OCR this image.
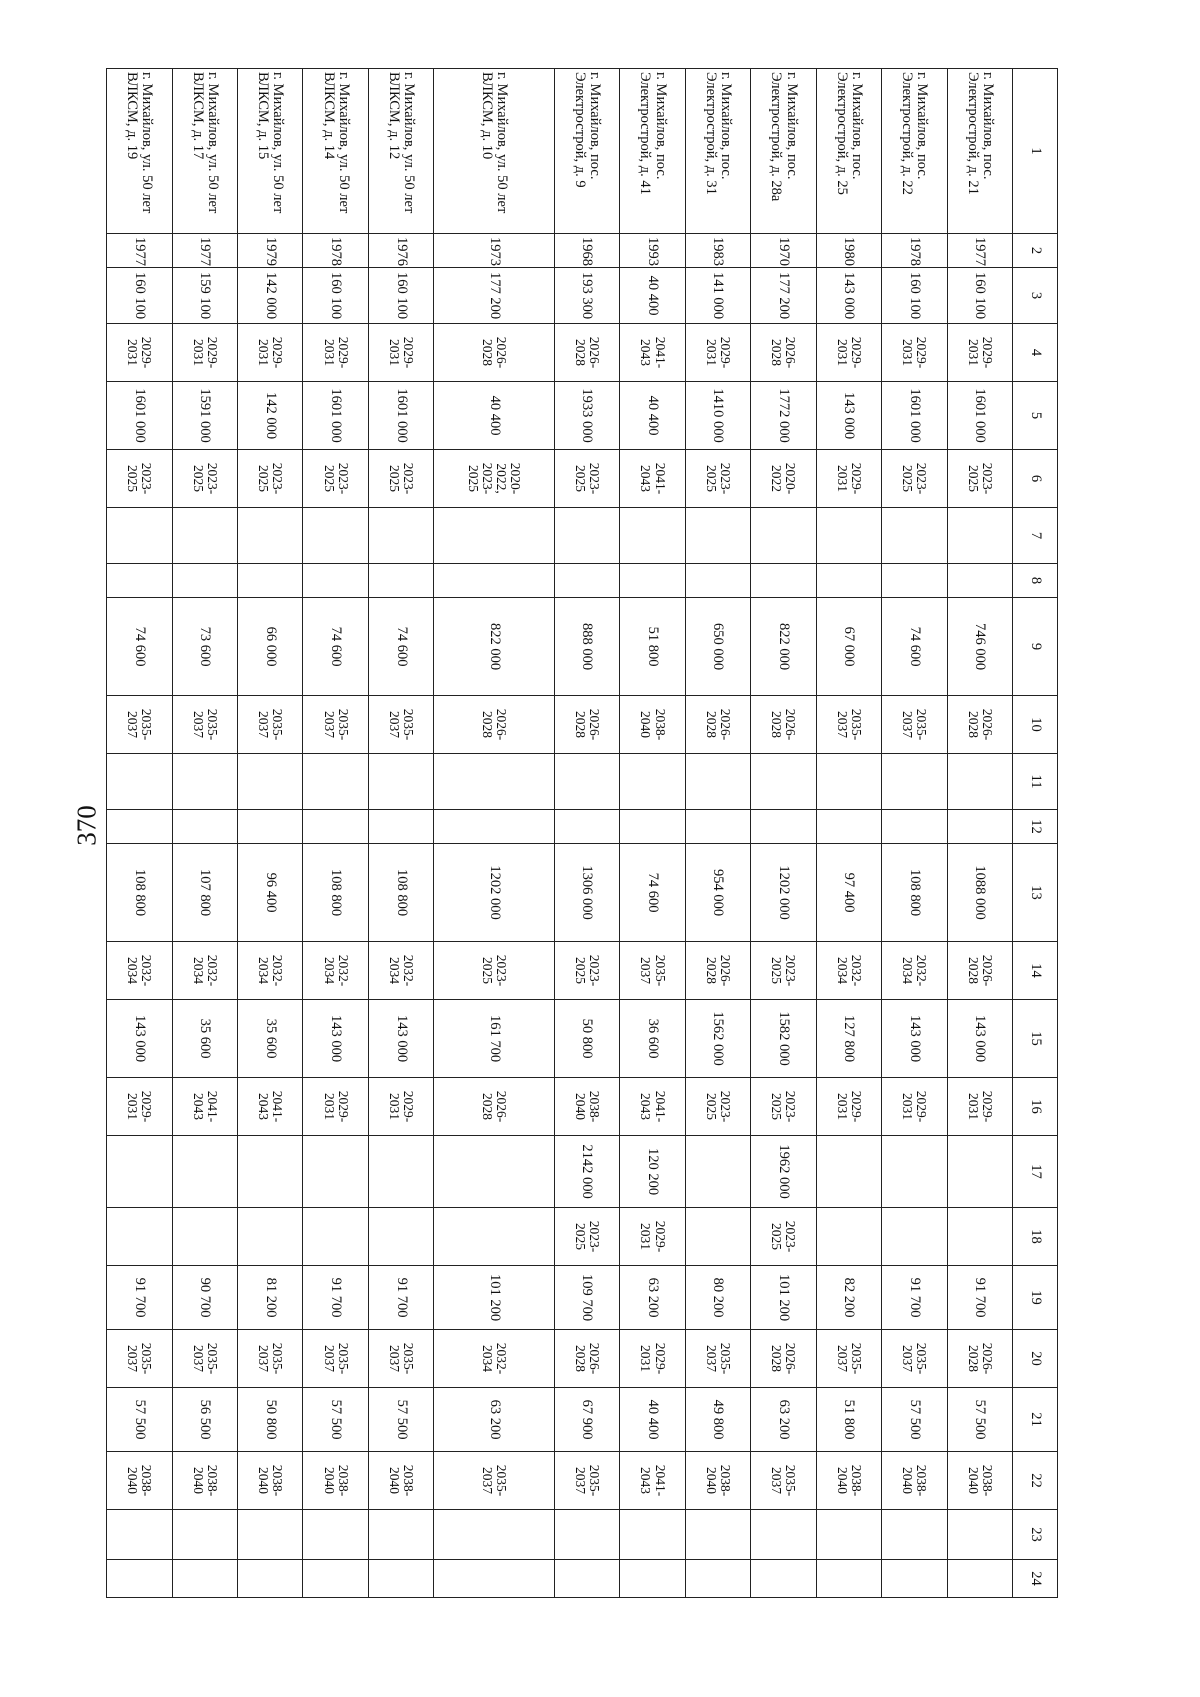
370
1	2	3	4	5	6	7	8	9	10	11	12	13	14	15	16	17	18	19	20	21	22	23	24
г. Михайлов, пос. Электрострой, д. 21	1977	160 100	2029-2031	1601 000	2023-2025			746 000	2026-2028			1088 000	2026-2028	143 000	2029-2031			91 700	2026-2028	57 500	2038-2040		
г. Михайлов, пос. Электрострой, д. 22	1978	160 100	2029-2031	1601 000	2023-2025			74 600	2035-2037			108 800	2032-2034	143 000	2029-2031			91 700	2035-2037	57 500	2038-2040		
г. Михайлов, пос. Электрострой, д. 25	1980	143 000	2029-2031	143 000	2029-2031			67 000	2035-2037			97 400	2032-2034	127 800	2029-2031			82 200	2035-2037	51 800	2038-2040		
г. Михайлов, пос. Электрострой, д. 28а	1970	177 200	2026-2028	1772 000	2020-2022			822 000	2026-2028			1202 000	2023-2025	1582 000	2023-2025	1962 000	2023-2025	101 200	2026-2028	63 200	2035-2037		
г. Михайлов, пос. Электрострой, д. 31	1983	141 000	2029-2031	1410 000	2023-2025			650 000	2026-2028			954 000	2026-2028	1562 000	2023-2025			80 200	2035-2037	49 800	2038-2040		
г. Михайлов, пос. Электрострой, д. 41	1993	40 400	2041-2043	40 400	2041-2043			51 800	2038-2040			74 600	2035-2037	36 600	2041-2043	120 200	2029-2031	63 200	2029-2031	40 400	2041-2043		
г. Михайлов, пос. Электрострой, д. 9	1968	193 300	2026-2028	1933 000	2023-2025			888 000	2026-2028			1306 000	2023-2025	50 800	2038-2040	2142 000	2023-2025	109 700	2026-2028	67 900	2035-2037		
г. Михайлов, ул. 50 лет ВЛКСМ, д. 10	1973	177 200	2026-2028	40 400	2020-2022, 2023-2025			822 000	2026-2028			1202 000	2023-2025	161 700	2026-2028			101 200	2032-2034	63 200	2035-2037		
г. Михайлов, ул. 50 лет ВЛКСМ, д. 12	1976	160 100	2029-2031	1601 000	2023-2025			74 600	2035-2037			108 800	2032-2034	143 000	2029-2031			91 700	2035-2037	57 500	2038-2040		
г. Михайлов, ул. 50 лет ВЛКСМ, д. 14	1978	160 100	2029-2031	1601 000	2023-2025			74 600	2035-2037			108 800	2032-2034	143 000	2029-2031			91 700	2035-2037	57 500	2038-2040		
г. Михайлов, ул. 50 лет ВЛКСМ, д. 15	1979	142 000	2029-2031	142 000	2023-2025			66 000	2035-2037			96 400	2032-2034	35 600	2041-2043			81 200	2035-2037	50 800	2038-2040		
г. Михайлов, ул. 50 лет ВЛКСМ, д. 17	1977	159 100	2029-2031	1591 000	2023-2025			73 600	2035-2037			107 800	2032-2034	35 600	2041-2043			90 700	2035-2037	56 500	2038-2040		
г. Михайлов, ул. 50 лет ВЛКСМ, д. 19	1977	160 100	2029-2031	1601 000	2023-2025			74 600	2035-2037			108 800	2032-2034	143 000	2029-2031			91 700	2035-2037	57 500	2038-2040		
